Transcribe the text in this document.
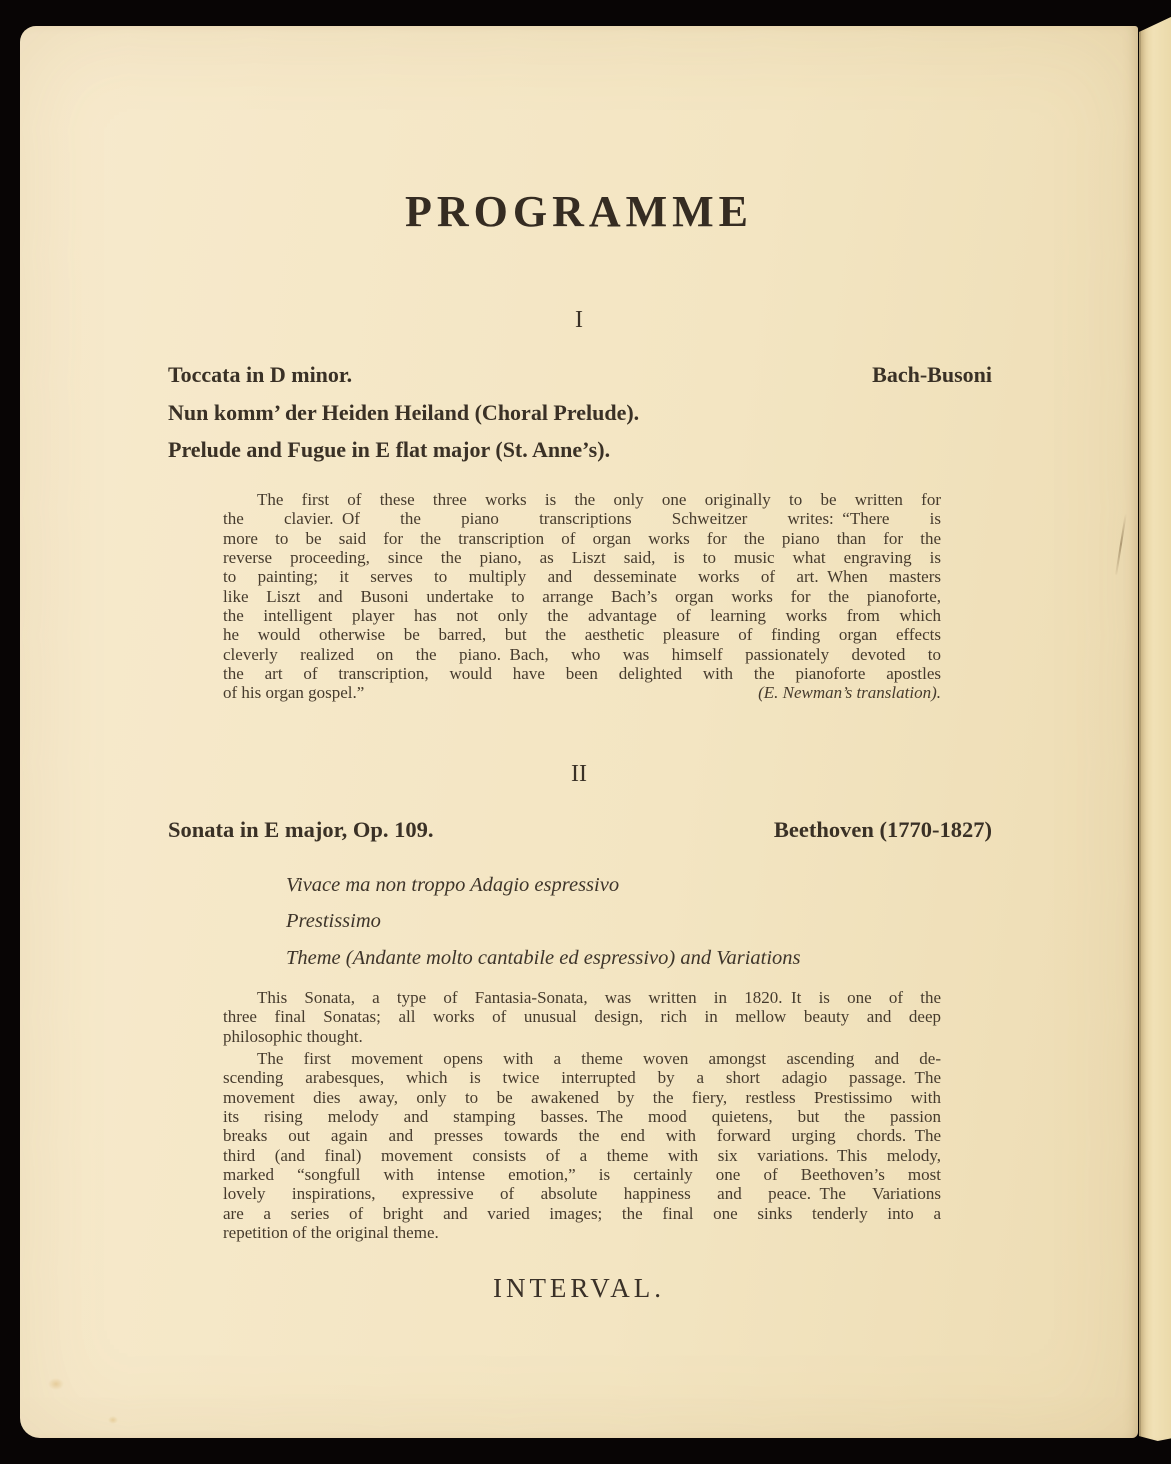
PROGRAMME
I
Toccata in D minor.	Bach-Busoni
Nun komm’ der Heiden Heiland (Choral Prelude).
Prelude and Fugue in E flat major (St. Anne’s).
The first of these three works is the only one originally to be written for
the clavier. Of the piano transcriptions Schweitzer writes: “There is
more to be said for the transcription of organ works for the piano than for the
reverse proceeding, since the piano, as Liszt said, is to music what engraving is
to painting; it serves to multiply and desseminate works of art. When masters
like Liszt and Busoni undertake to arrange Bach’s organ works for the pianoforte,
the intelligent player has not only the advantage of learning works from which
he would otherwise be barred, but the aesthetic pleasure of finding organ effects
cleverly realized on the piano. Bach, who was himself passionately devoted to
the art of transcription, would have been delighted with the pianoforte apostles
of his organ gospel.”	(E. Newman’s translation).
II
Sonata in E major, Op. 109.	Beethoven (1770-1827)
Vivace ma non troppo Adagio espressivo
Prestissimo
Theme (Andante molto cantabile ed espressivo) and Variations
This Sonata, a type of Fantasia-Sonata, was written in 1820. It is one of the
three final Sonatas; all works of unusual design, rich in mellow beauty and deep
philosophic thought.
The first movement opens with a theme woven amongst ascending and de-
scending arabesques, which is twice interrupted by a short adagio passage. The
movement dies away, only to be awakened by the fiery, restless Prestissimo with
its rising melody and stamping basses. The mood quietens, but the passion
breaks out again and presses towards the end with forward urging chords. The
third (and final) movement consists of a theme with six variations. This melody,
marked “songfull with intense emotion,” is certainly one of Beethoven’s most
lovely inspirations, expressive of absolute happiness and peace. The Variations
are a series of bright and varied images; the final one sinks tenderly into a
repetition of the original theme.
INTERVAL.
